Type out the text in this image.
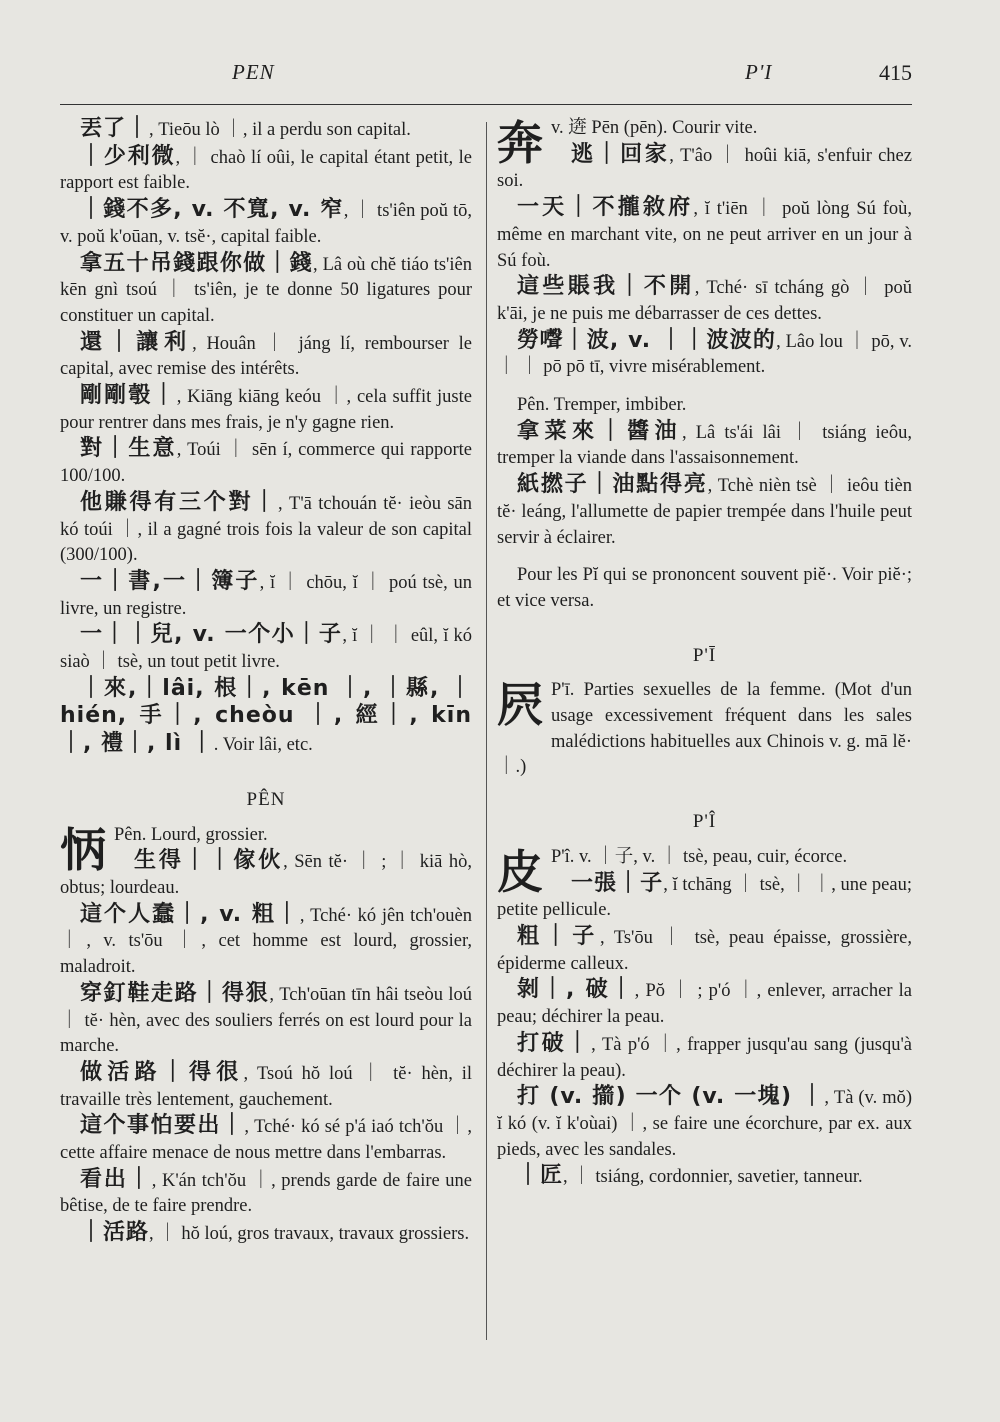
PEN	P'I	415

丟了｜, Tieōu lò ｜, il a perdu son capital.

｜少利微, ｜ chaò lí oûi, le capital étant petit, le rapport est faible.

｜錢不多, v. 不寬, v. 窄, ｜ ts'iên poŭ tō, v. poŭ k'oūan, v. tsĕ·, capital faible.

拿五十吊錢跟你做｜錢, Lâ où chĕ tiáo ts'iên kēn gnì tsoú ｜ ts'iên, je te donne 50 ligatures pour constituer un capital.

還｜讓利, Houân ｜ jáng lí, rembourser le capital, avec remise des intérêts.

剛剛彀｜, Kiāng kiāng keóu ｜, cela suffit juste pour rentrer dans mes frais, je n'y gagne rien.

對｜生意, Toúi ｜ sēn í, commerce qui rapporte 100/100.

他賺得有三个對｜, T'ā tchouán tĕ· ieòu sān kó toúi ｜, il a gagné trois fois la valeur de son capital (300/100).

一｜書,一｜簿子, ĭ ｜ chōu, ĭ ｜ poú tsè, un livre, un registre.

一｜｜兒, v. 一个小｜子, ĭ ｜ ｜ eûl, ĭ kó siaò ｜ tsè, un tout petit livre.

｜來,｜lâi, 根｜, kēn ｜, ｜縣, ｜hién, 手｜, cheòu ｜, 經｜, kīn ｜, 禮｜, lì ｜. Voir lâi, etc.

PÊN
怲 Pên. Lourd, grossier.

生得｜｜傢伙, Sēn tĕ· ｜ ; ｜ kiā hò, obtus; lourdeau.

這个人蠢｜, v. 粗｜, Tché· kó jên tch'ouèn ｜, v. ts'ōu ｜, cet homme est lourd, grossier, maladroit.

穿釘鞋走路｜得狠, Tch'oūan tīn hâi tseòu loú ｜ tĕ· hèn, avec des souliers ferrés on est lourd pour la marche.

做活路｜得很, Tsoú hŏ loú ｜ tĕ· hèn, il travaille très lentement, gauchement.

這个事怕要出｜, Tché· kó sé p'á iaó tch'ŏu ｜, cette affaire menace de nous mettre dans l'embarras.

看出｜, K'án tch'ŏu ｜, prends garde de faire une bêtise, de te faire prendre.

｜活路, ｜ hŏ loú, gros travaux, travaux grossiers.

奔 v. 逩 Pēn (pēn). Courir vite.

逃｜回家, T'âo ｜ hoûi kiā, s'enfuir chez soi.

一天｜不攏敘府, ĭ t'iēn ｜ poŭ lòng Sú foù, même en marchant vite, on ne peut arriver en un jour à Sú foù.

這些賬我｜不開, Tché· sī tcháng gò ｜ poŭ k'āi, je ne puis me débarrasser de ces dettes.

勞𡄔｜波, v. ｜｜波波的, Lâo lou ｜ pō, v. ｜ ｜ pō pō tī, vivre misérablement.

Pên. Tremper, imbiber.

拿菜來｜醬油, Lâ ts'ái lâi ｜ tsiáng ieôu, tremper la viande dans l'assaisonnement.

紙撚子｜油點得亮, Tchè nièn tsè ｜ ieôu tièn tĕ· leáng, l'allumette de papier trempée dans l'huile peut servir à éclairer.

Pour les Pĭ qui se prononcent souvent piĕ·. Voir piĕ·; et vice versa.

P'Ī
屄 P'ī. Parties sexuelles de la femme. (Mot d'un usage excessivement fréquent dans les sales malédictions habituelles aux Chinois v. g. mā lĕ· ｜.)
P'Î
皮 P'î. v. ｜子, v. ｜ tsè, peau, cuir, écorce.

一張｜子, ĭ tchāng ｜ tsè, ｜ ｜, une peau; petite pellicule.

粗｜子, Ts'ōu ｜ tsè, peau épaisse, grossière, épiderme calleux.

剝｜, 破｜, Pŏ ｜ ; p'ó ｜, enlever, arracher la peau; déchirer la peau.

打破｜, Tà p'ó ｜, frapper jusqu'au sang (jusqu'à déchirer la peau).

打 (v. 擶) 一个 (v. 一塊) ｜, Tà (v. mŏ) ĭ kó (v. ĭ k'oùai) ｜, se faire une écorchure, par ex. aux pieds, avec les sandales.

｜匠, ｜ tsiáng, cordonnier, savetier, tanneur.
